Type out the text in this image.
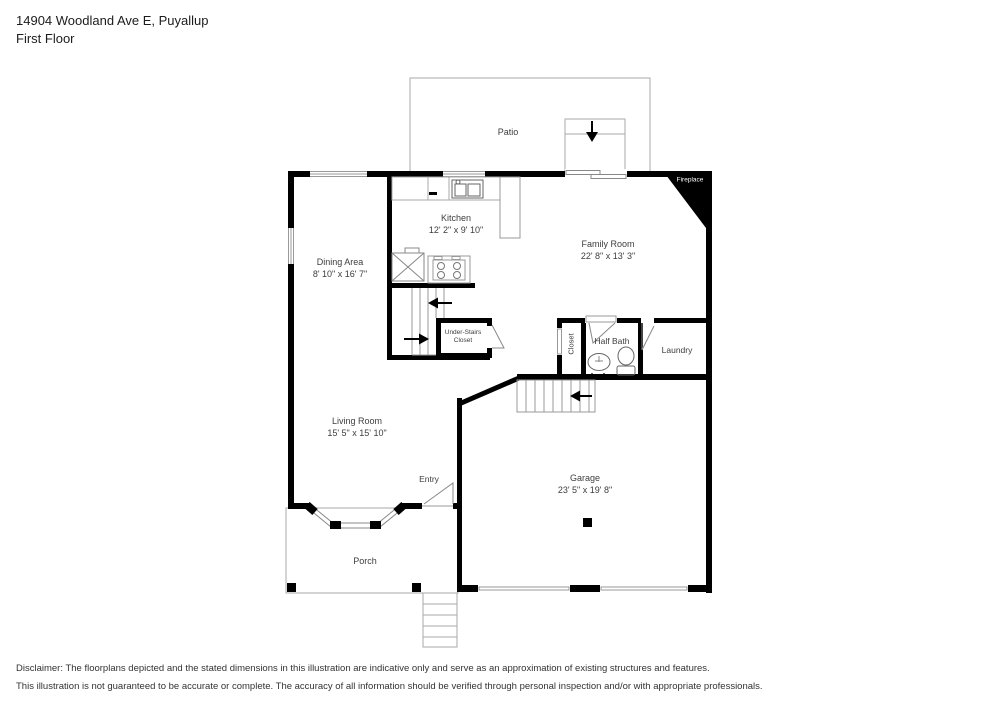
14904 Woodland Ave E, Puyallup
First Floor
Patio
Kitchen
12' 2" x 9' 10"
Family Room
22' 8" x 13' 3"
Dining Area
8' 10" x 16' 7"
Living Room
15' 5" x 15' 10"
Garage
23' 5" x 19' 8"
Half Bath
Laundry
Closet
Under-Stairs
Closet
Entry
Porch
Fireplace
Disclaimer: The floorplans depicted and the stated dimensions in this illustration are indicative only and serve as an approximation of existing structures and features.
This illustration is not guaranteed to be accurate or complete. The accuracy of all information should be verified through personal inspection and/or with appropriate professionals.
